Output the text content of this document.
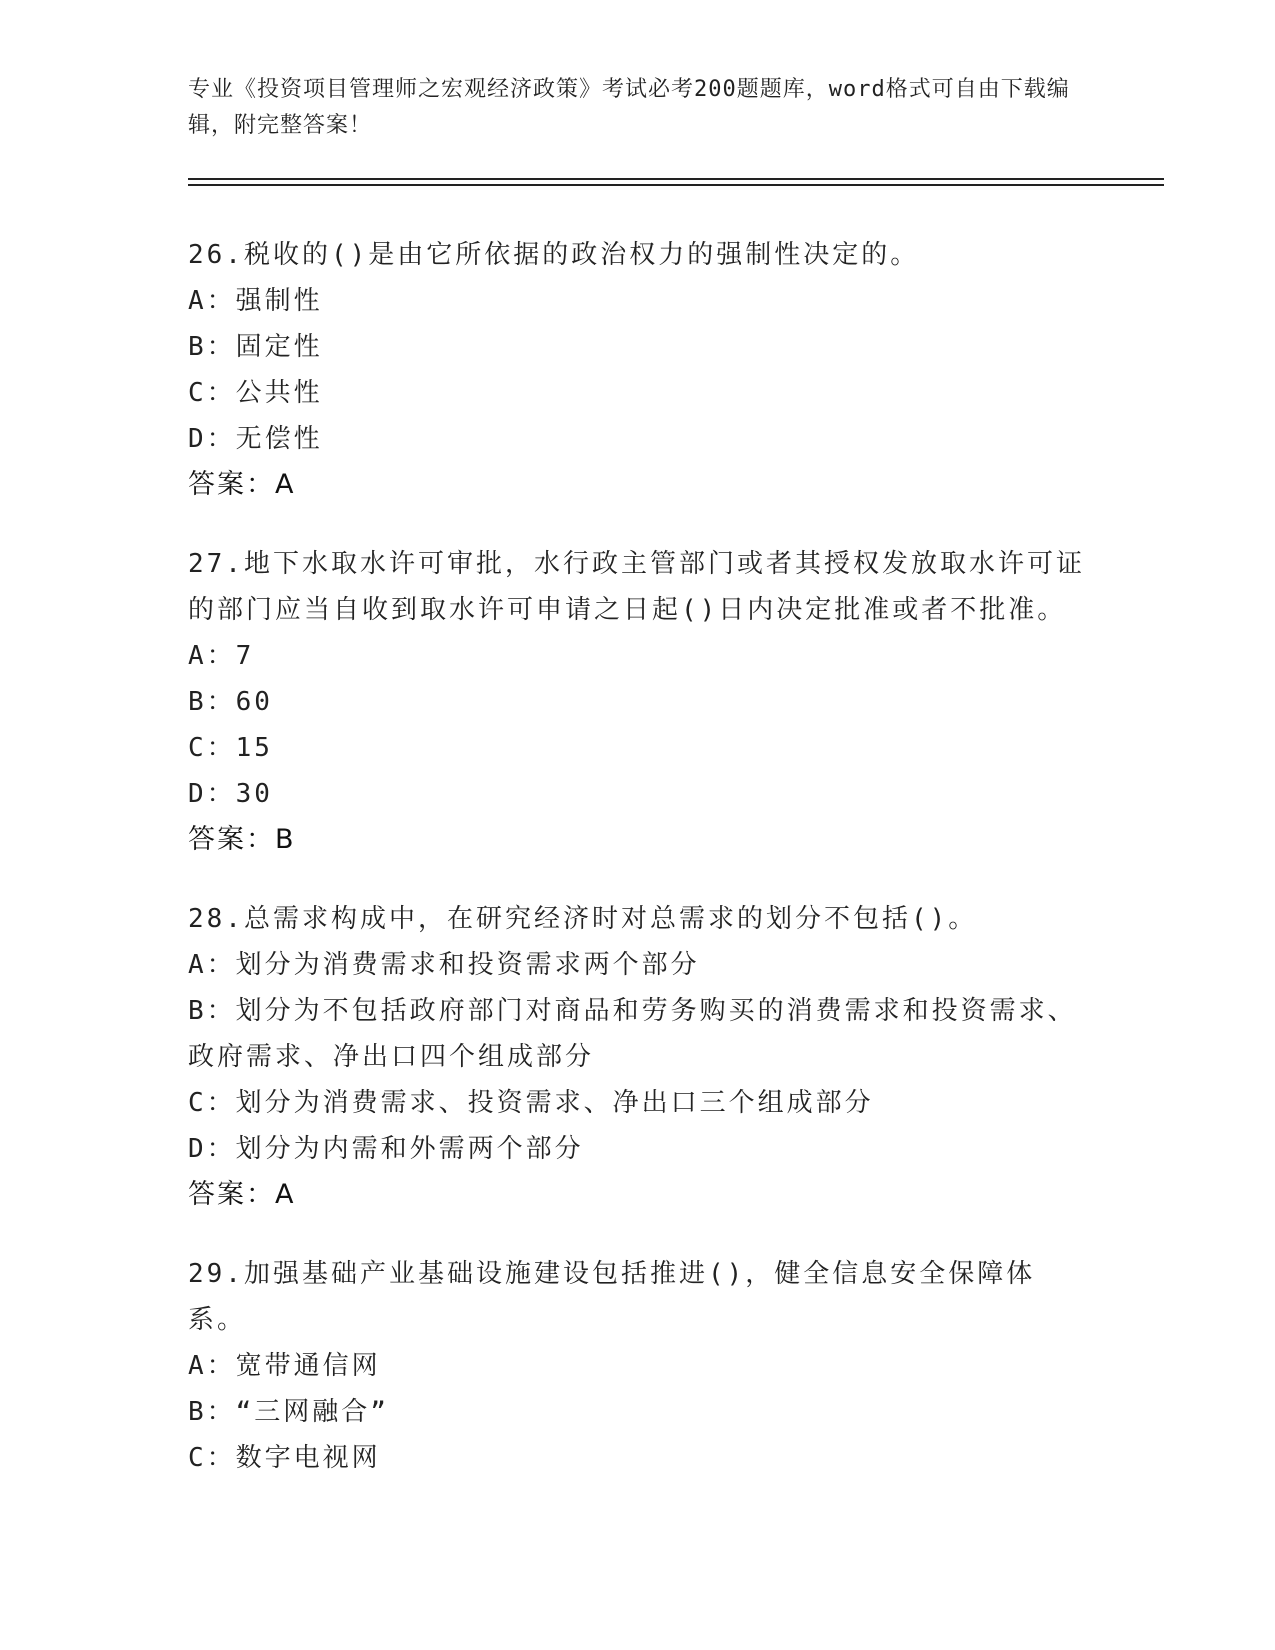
专业《投资项目管理师之宏观经济政策》考试必考200题题库，word格式可自由下载编辑，附完整答案！
26.税收的()是由它所依据的政治权力的强制性决定的。
A：强制性
B：固定性
C：公共性
D：无偿性
答案：A
27.地下水取水许可审批，水行政主管部门或者其授权发放取水许可证的部门应当自收到取水许可申请之日起()日内决定批准或者不批准。
A：7
B：60
C：15
D：30
答案：B
28.总需求构成中，在研究经济时对总需求的划分不包括()。
A：划分为消费需求和投资需求两个部分
B：划分为不包括政府部门对商品和劳务购买的消费需求和投资需求、政府需求、净出口四个组成部分
C：划分为消费需求、投资需求、净出口三个组成部分
D：划分为内需和外需两个部分
答案：A
29.加强基础产业基础设施建设包括推进()，健全信息安全保障体系。
A：宽带通信网
B：“三网融合”
C：数字电视网
